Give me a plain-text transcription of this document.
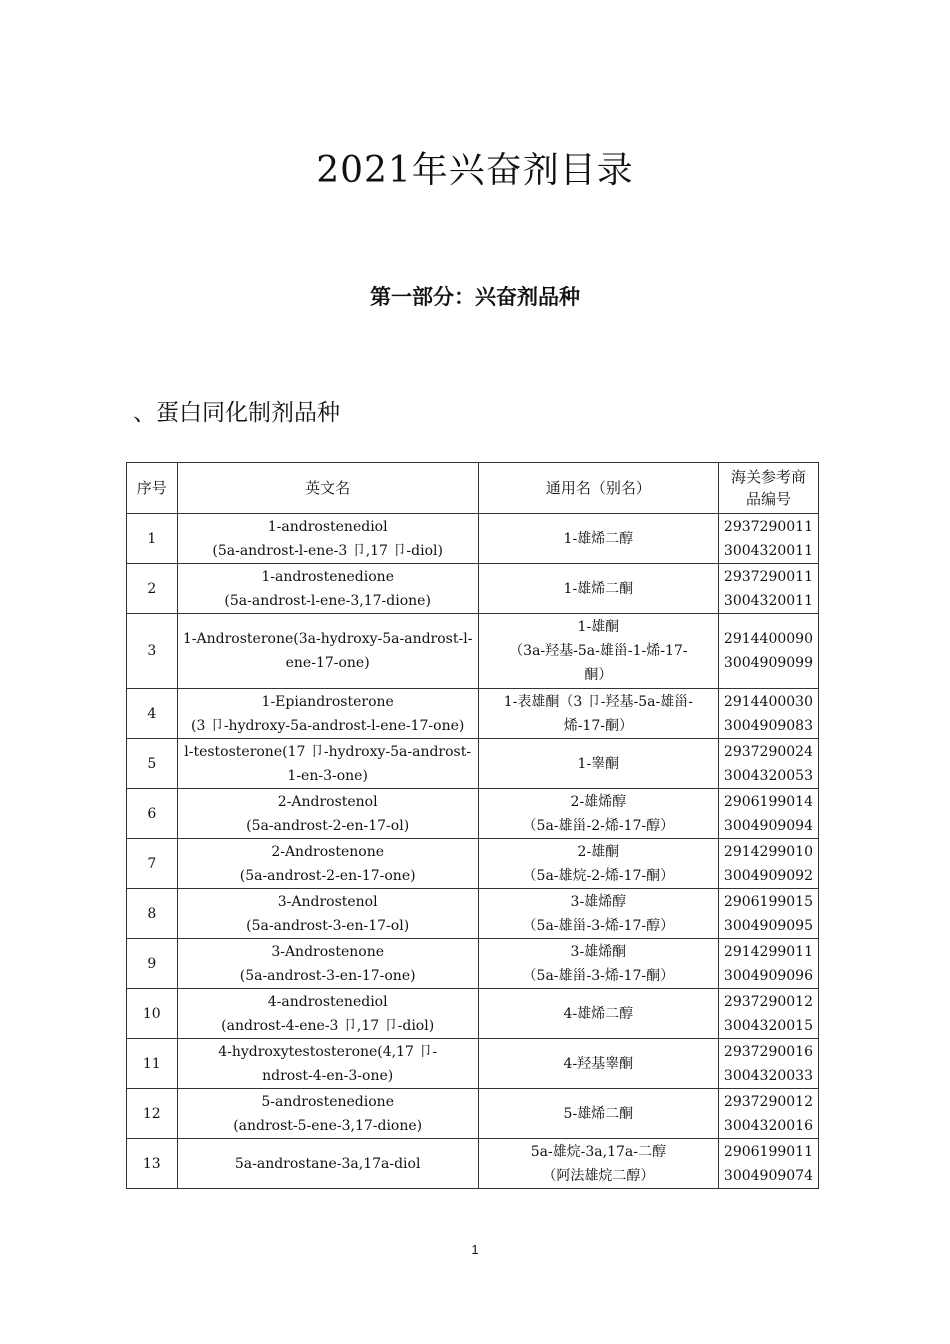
2021年兴奋剂目录
第一部分：兴奋剂品种
、蛋白同化制剂品种
序号	英文名	通用名（别名）	海关参考商
品编号

1	1-androstenediol
(5a-androst-l-ene-3 卩,17 卩-diol)	1-雄烯二醇	2937290011
3004320011

2	1-androstenedione
(5a-androst-l-ene-3,17-dione)	1-雄烯二酮	2937290011
3004320011

3	1-Androsterone(3a-hydroxy-5a-androst-l-
ene-17-one)	1-雄酮
（3a-羟基-5a-雄甾-1-烯-17-
酮）	2914400090
3004909099

4	1-Epiandrosterone
(3 卩-hydroxy-5a-androst-l-ene-17-one)	1-表雄酮（3 卩-羟基-5a-雄甾-
烯-17-酮）	2914400030
3004909083

5	l-testosterone(17 卩-hydroxy-5a-androst-
1-en-3-one)	1-睾酮	2937290024
3004320053

6	2-Androstenol
(5a-androst-2-en-17-ol)	2-雄烯醇
（5a-雄甾-2-烯-17-醇）	2906199014
3004909094

7	2-Androstenone
(5a-androst-2-en-17-one)	2-雄酮
（5a-雄烷-2-烯-17-酮）	2914299010
3004909092

8	3-Androstenol
(5a-androst-3-en-17-ol)	3-雄烯醇
（5a-雄甾-3-烯-17-醇）	2906199015
3004909095

9	3-Androstenone
(5a-androst-3-en-17-one)	3-雄烯酮
（5a-雄甾-3-烯-17-酮）	2914299011
3004909096

10	4-androstenediol
(androst-4-ene-3 卩,17 卩-diol)	4-雄烯二醇	2937290012
3004320015

11	4-hydroxytestosterone(4,17 卩-
ndrost-4-en-3-one)	4-羟基睾酮	2937290016
3004320033

12	5-androstenedione
(androst-5-ene-3,17-dione)	5-雄烯二酮	2937290012
3004320016

13	5a-androstane-3a,17a-diol	5a-雄烷-3a,17a-二醇
（阿法雄烷二醇）	2906199011
3004909074
1
